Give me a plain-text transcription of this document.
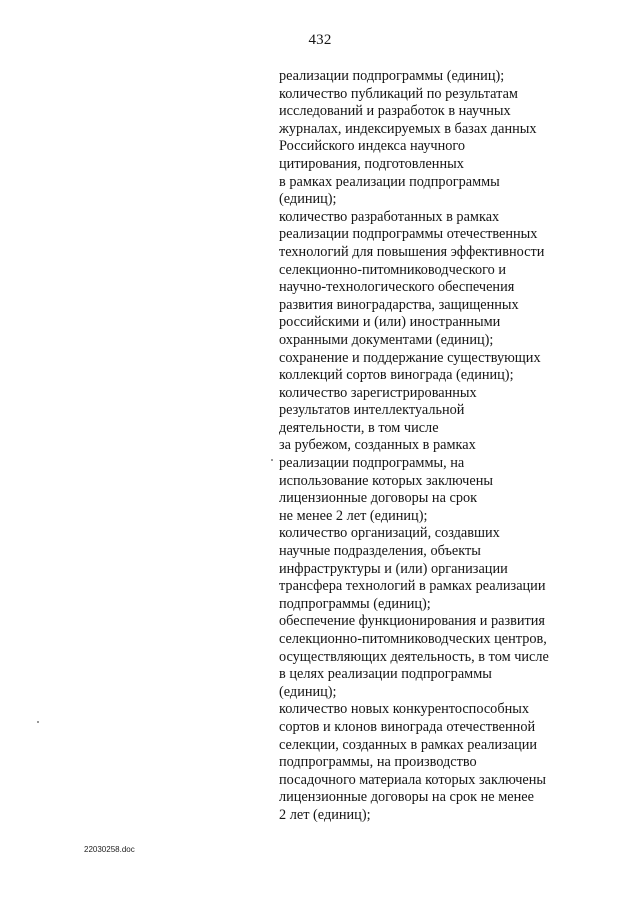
432
реализации подпрограммы (единиц);
количество публикаций по результатам
исследований и разработок в научных
журналах, индексируемых в базах данных
Российского индекса научного
цитирования, подготовленных
в рамках реализации подпрограммы
(единиц);
количество разработанных в рамках
реализации подпрограммы отечественных
технологий для повышения эффективности
селекционно-питомниководческого и
научно-технологического обеспечения
развития виноградарства, защищенных
российскими и (или) иностранными
охранными документами (единиц);
сохранение и поддержание существующих
коллекций сортов винограда (единиц);
количество зарегистрированных
результатов интеллектуальной
деятельности, в том числе
за рубежом, созданных в рамках
реализации подпрограммы, на
использование которых заключены
лицензионные договоры на срок
не менее 2 лет (единиц);
количество организаций, создавших
научные подразделения, объекты
инфраструктуры и (или) организации
трансфера технологий в рамках реализации
подпрограммы (единиц);
обеспечение функционирования и развития
селекционно-питомниководческих центров,
осуществляющих деятельность, в том числе
в целях реализации подпрограммы
(единиц);
количество новых конкурентоспособных
сортов и клонов винограда отечественной
селекции, созданных в рамках реализации
подпрограммы, на производство
посадочного материала которых заключены
лицензионные договоры на срок не менее
2 лет (единиц);
22030258.doc
